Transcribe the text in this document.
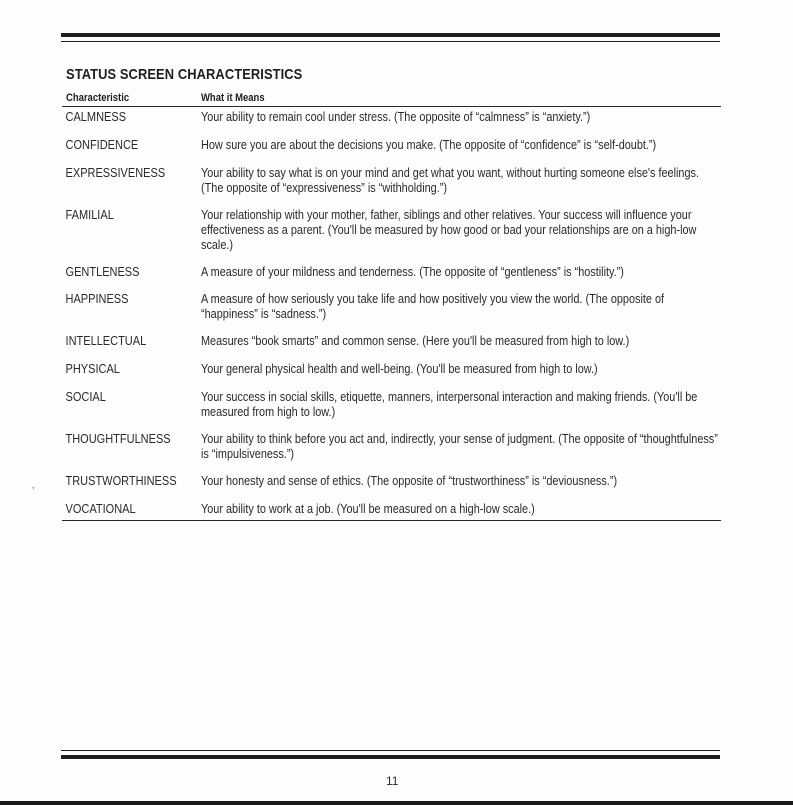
STATUS SCREEN CHARACTERISTICS
Characteristic	What it Means
CALMNESS	Your ability to remain cool under stress. (The opposite of “calmness” is “anxiety.”)
CONFIDENCE	How sure you are about the decisions you make. (The opposite of “confidence” is “self-doubt.”)
EXPRESSIVENESS	Your ability to say what is on your mind and get what you want, without hurting someone else's feelings. (The opposite of “expressiveness” is “withholding.”)
FAMILIAL	Your relationship with your mother, father, siblings and other relatives. Your success will influence your effectiveness as a parent. (You'll be measured by how good or bad your relationships are on a high-low scale.)
GENTLENESS	A measure of your mildness and tenderness. (The opposite of “gentleness” is “hostility.”)
HAPPINESS	A measure of how seriously you take life and how positively you view the world. (The opposite of “happiness” is “sadness.”)
INTELLECTUAL	Measures “book smarts” and common sense. (Here you'll be measured from high to low.)
PHYSICAL	Your general physical health and well-being. (You'll be measured from high to low.)
SOCIAL	Your success in social skills, etiquette, manners, interpersonal interaction and making friends. (You'll be measured from high to low.)
THOUGHTFULNESS	Your ability to think before you act and, indirectly, your sense of judgment. (The opposite of “thoughtfulness” is “impulsiveness.”)
TRUSTWORTHINESS	Your honesty and sense of ethics. (The opposite of “trustworthiness” is “deviousness.”)
VOCATIONAL	Your ability to work at a job. (You'll be measured on a high-low scale.)
’
11
